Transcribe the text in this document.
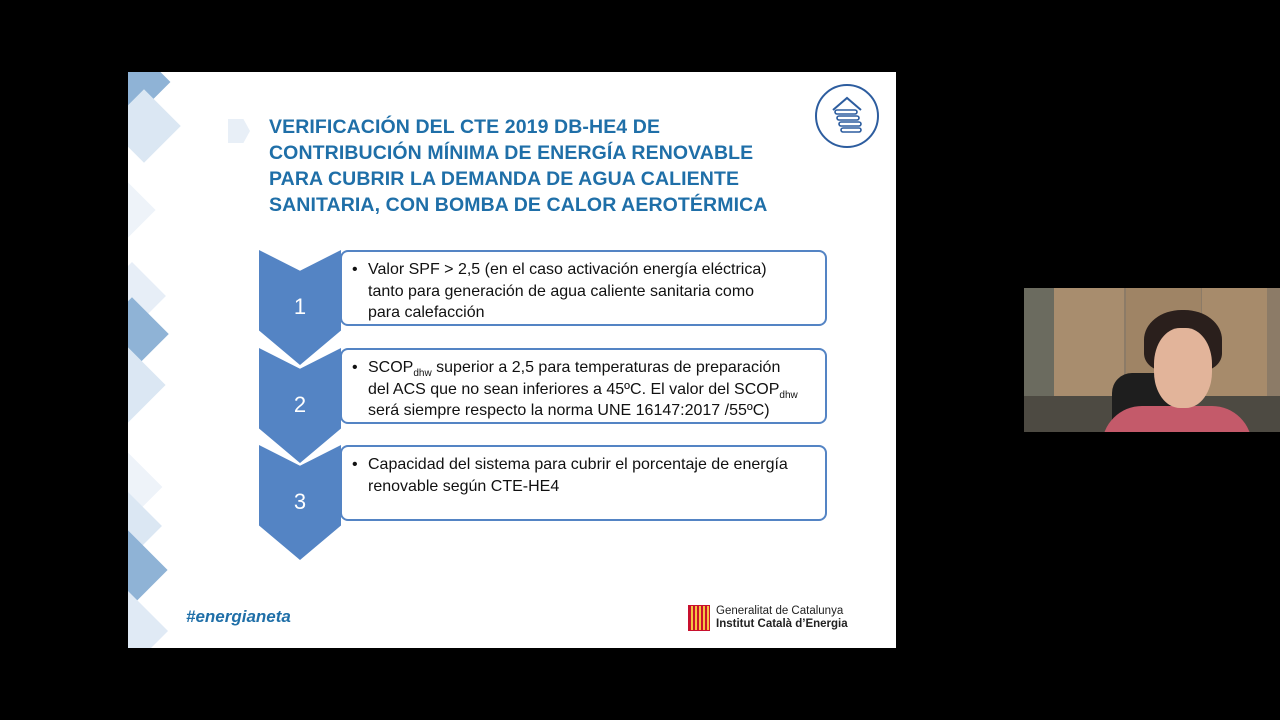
VERIFICACIÓN DEL CTE 2019 DB-HE4 DE
CONTRIBUCIÓN MÍNIMA DE ENERGÍA RENOVABLE
PARA CUBRIR LA DEMANDA DE AGUA CALIENTE
SANITARIA, CON BOMBA DE CALOR AEROTÉRMICA
1
• Valor SPF > 2,5 (en el caso activación energía eléctrica)
tanto para generación de agua caliente sanitaria como
para calefacción
2
• $SCOP_{dhw}$ superior a 2,5 para temperaturas de preparación
del ACS que no sean inferiores a 45ºC. El valor del $SCOP_{dhw}$
será siempre respecto la norma UNE 16147:2017 /55ºC)
3
• Capacidad del sistema para cubrir el porcentaje de energía
renovable según CTE-HE4
#energianeta	Generalitat de Catalunya
Institut Català d’Energia
